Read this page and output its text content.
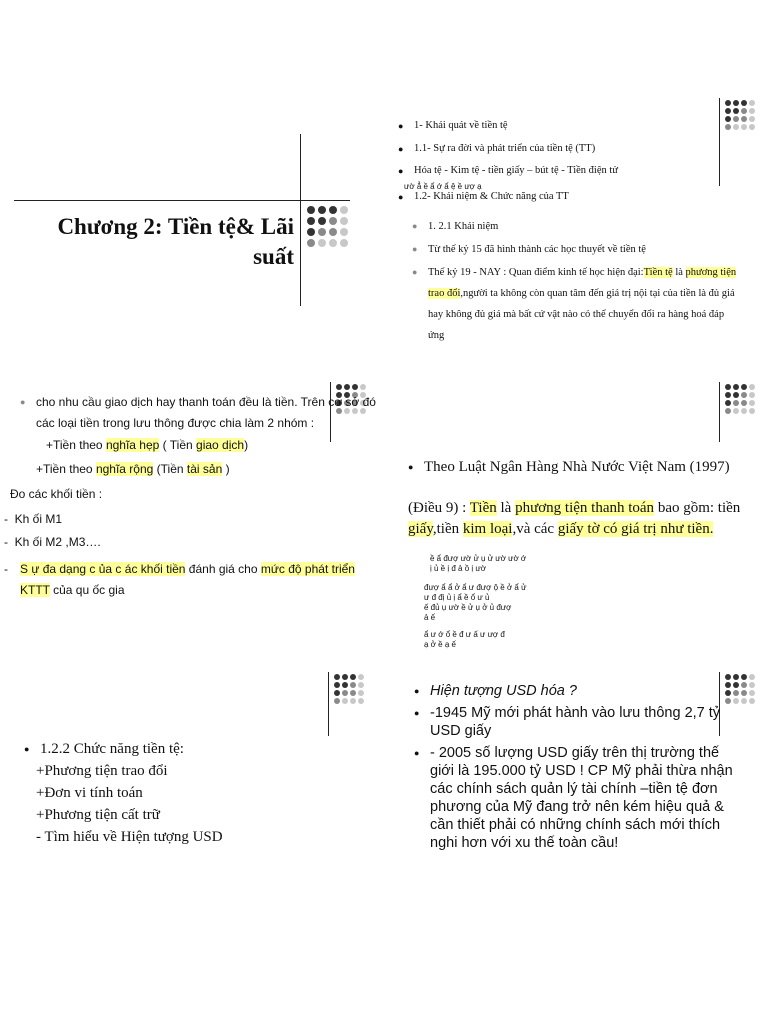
Chương 2: Tiền tệ& Lãi
suất
● 1- Khái quát về tiền tệ
● 1.1- Sự ra đời và phát triển của tiền tệ (TT)
● Hóa tệ - Kim tệ - tiền giấy – bút tệ - Tiền điện tử
ườ ẳ ề ẩ ớ ẩ ệ ề ượ ạ
● 1.2- Khái niệm & Chức năng của TT
● 1. 2.1 Khái niệm
● Từ thế kỷ 15 đã hình thành các học thuyết về tiền tệ
● Thế kỷ 19 - NAY : Quan điểm kinh tế học hiện đại:Tiền tệ là phương tiện trao đổi,người ta không còn quan tâm đến giá trị nội tại của tiền là đủ giá hay không đủ giá mà bất cứ vật nào có thể chuyển đổi ra hàng hoá đáp ứng
● cho nhu cầu giao dịch hay thanh toán đều là tiền. Trên cơ sở đó các loại tiền trong lưu thông được chia làm 2 nhóm :
+Tiền theo nghĩa hẹp ( Tiền giao dịch)
+Tiền theo nghĩa rộng (Tiền tài sản )
Đo các khối tiền :
-  Kh ối M1
-  Kh ối M2 ,M3….
-	S ự đa dạng c ủa c ác khối tiền đánh giá cho mức độ phát triển KTTT của qu ốc gia
● Theo Luật Ngân Hàng Nhà Nước Việt Nam (1997)
(Điều 9) : Tiền là phương tiện thanh toán bao gồm: tiền giấy,tiền kim loại,và các giấy tờ có giá trị như tiền.
ề ẩ đượ ườ ử ụ ử ườ ườ ớ
ị ủ ề ị đ ả ồ ị ườ
đượ ẩ ẩ ở ẩ ư đượ ộ ề ở ẩ ử
ư đ đị ủ ị ẩ ề ổ ư ủ
ế đủ ụ ườ ề ử ụ ở ủ đượ
ả ế
ẩ ư ớ ổ ề đ ư ấ ư ượ đ
ạ ở ề ạ ế
● 1.2.2 Chức năng tiền tệ:
+Phương tiện trao đổi
+Đơn vi tính toán
+Phương tiện cất trữ
- Tìm hiểu về Hiện tượng USD
● Hiện tượng USD hóa ?
● -1945 Mỹ mới phát hành vào lưu thông 2,7 tỷ USD giấy
● - 2005 số lượng USD giấy trên thị trường thế giới là 195.000 tỷ USD ! CP Mỹ phải thừa nhận các chính sách quản lý tài chính –tiền tệ đơn phương của Mỹ đang trở nên kém hiệu quả & cần thiết phải có những chính sách mới thích nghi hơn với xu thế toàn cầu!
